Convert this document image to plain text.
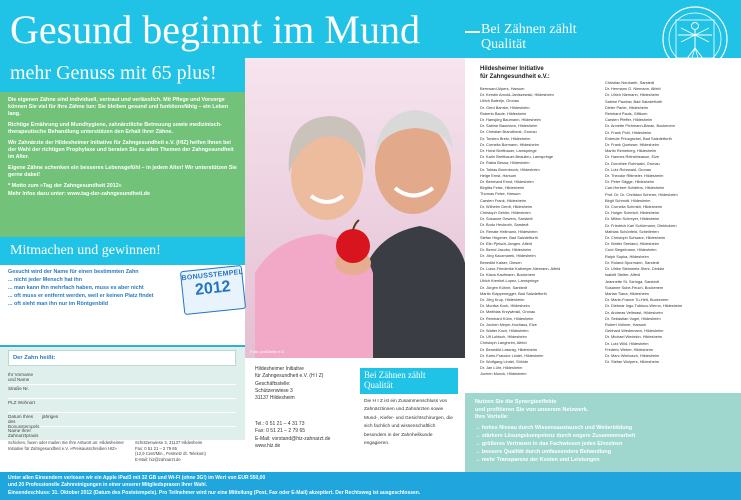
Gesund beginnt im Mund	Bei Zähnen zählt
Qualität
mehr Genuss mit 65 plus!

Die eigenen Zähne sind individuell, vertraut und verlässlich. Mit Pflege und Vorsorge können Sie viel für Ihre Zähne tun: Sie bleiben gesund und funktionsfähig – ein Leben lang.

Richtige Ernährung und Mundhygiene, zahnärztliche Betreuung sowie medizinisch-therapeutische Behandlung unterstützen den Erhalt Ihrer Zähne.

Wir Zahnärzte der Hildesheimer Initiative für Zahngesundheit e.V. (HIZ) helfen Ihnen bei der Wahl der richtigen Prophylaxe und beraten Sie zu allen Themen der Zahngesundheit im Alter.

Eigene Zähne schenken ein besseres Lebensgefühl – in jedem Alter! Wir unterstützen Sie gerne dabei!

* Motto zum »Tag der Zahngesundheit 2012«

Mehr Infos dazu unter: www.tag-der-zahngesundheit.de

Foto: proDente e.V.
Mitmachen und gewinnen!
Gesucht wird der Name für einen bestimmten Zahn
... nicht jeder Mensch hat ihn
... man kann ihn mehrfach haben, muss es aber nicht
... oft muss er entfernt werden, weil er keinen Platz findet
... oft sieht man ihn nur im Röntgenbild
BONUSSTEMPEL
2012
Der Zahn heißt:
Ihr Vorname und Name
Straße Nr.
PLZ Wohnort
Datum Ihres des Bonusstempels
jährigen
Name Ihrer Zahnarztpraxis
Schicken, faxen oder mailen Sie Ihre Antwort an: Hildesheimer Initiative für Zahngesundheit e.V. »Preisausschreiben HIZ«
Schützenwiese 3, 31137 Hildesheim
Fax: 0 51 21 – 2 79 65
(12,9 Cent/Min., Festnetz dt. Telekom)
E-Mail: hiz@zahnarzt.de
Hildesheimer Initiative
für Zahngesundheit e.V. (H I Z)
Geschäftsstelle:
Schützenwiese 3
31137 Hildesheim
Tel.: 0 51 21 – 4 31 73
Fax: 0 51 21 – 2 79 65
E-Mail: vorstand@hiz-zahnarzt.de
www.hiz.de
Bei Zähnen zählt
Qualität
Die H I Z ist ein Zusammenschluss von Zahnärztinnen und Zahnärzten sowie Mund-, Kiefer- und Gesichtschirurgen, die sich fachlich und wissenschaftlich besonders in der Zahnheilkunde engagieren.
Hildesheimer Initiative
für Zahngesundheit e.V.:
Bernward Alpers, Harsum
Dr. Kerstin Arnold-Janiszewski, Hildesheim
Ulrich Balerijn, Gronau
Dr. Gerd Bahrke, Hildesheim
Roberto Baule, Hildesheim
Dr. Hansjörg Baumann, Hildesheim
Dr. Sabine Baumann, Hildesheim
Dr. Christian Brandhorst, Gronau
Dr. Torsten Bretz, Hildesheim
Dr. Cornelia Bormann, Hildesheim
Dr. Horst Breitbauer, Lamspringe
Dr. Karin Breitbauer-Beaulieu, Lamspringe
Dr. Rabia Bessa, Hildesheim
Dr. Tobias Borenbrock, Hildesheim
Helge Ernst, Harsum
Dr. Bernhard Ernst, Hildesheim
Birgitta Feise, Hildesheim
Thomas Feise, Harsum
Carsten Frank, Hildesheim
Dr. Wilhelm Gerdt, Hildesheim
Christoph Gehler, Hildesheim
Dr. Susanne Gewers, Sarstedt
Dr. Bodo Heckroth, Sarstedt
Dr. Renate Hellmann, Hildesheim
Stefan Hügener, Bad Salzdetfurth
Dr. Elin Pjelsch-Jangen, Alfeld
Dr. Bernd Jacobs, Hildesheim
Dr. Jörg Kaczmarek, Hildesheim
Benedikt Kaiser, Giesen
Dr. Luise-Friederike Kalbreyer-Niemann, Alfeld
Dr. Klaus Kaufmann, Bockenem
Ulrich Krenkel-Lopez, Lamspringe
Dr. Jürgen Kühne, Sarstedt
Martin Klappenegger, Bad Salzdetfurth
Dr. Jörg Krop, Hildesheim
Dr. Monika Kock, Hildesheim
Dr. Matthias Krzywinski, Gronau
Dr. Reinhard Kühn, Hildesheim
Dr. Jochen Meyer-Hoxhaus, Elze
Dr. Walter Koch, Hildesheim
Dr. Ulf Lubisch, Hildesheim
Christoph Langheim, Alfeld
Dr. Benedikt Lassnig, Hildesheim
Dr. Karin-Fraucke Lindel, Hildesheim
Dr. Wolfgang Lindel, Söhlde
Dr. Jan Lühr, Hildesheim
Jochen Munck, Hildesheim
Christian Neubarth, Sarstedt
Dr. Hermann G. Niemann, Alfeld
Dr. Ulrich Niemann, Hildesheim
Sabine Pawlow, Bad Salzdetfurth
Dieter Parler, Hildesheim
Reinhard Pauls, Giftkorn
Carsten Pfeffer, Hildesheim
Dr. Annette Pichmann-Baran, Bockenem
Dr. Frank Pohl, Hildesheim
Erdmute Prinzgschel, Bad Salzdetfurth
Dr. Frank Queisser, Hildesheim
Martin Reineberg, Hildesheim
Dr. Hannes Reinstheason, Elze
Dr. Dorothee Rohrwald, Gronau
Dr. Lutz Rohrwald, Gronau
Dr. Theodor Rittmeier, Hildesheim
Dr. Peter Sägge, Hildesheim
Carl-Herbert Schäfers, Hildesheim
Prof. Dr. Dr. Christian Scherer, Hildesheim
Birgit Schmidt, Hildesheim
Dr. Cornelia Schmidt, Hildesheim
Dr. Holger Schmidt, Hildesheim
Dr. Milton Schreyer, Hildesheim
Dr. Friedrich Karl Schürmann, Diekholzen
Mathias Schönfeld, Schellerten
Dr. Christoph Schwarz, Hildesheim
Dr. Walter Seeland, Hildesheim
Cord Siegelmann, Hildesheim
Ralph Sopka, Hildesheim
Dr. Roland Spurmann, Sarstedt
Dr. Ulrike Steinmetz-Sterz, Dinklar
Isabell Stelter, Alfeld
Jeannette St. Szringa, Sarstedt
Susanne Sube-Feuch, Bockenem
Marian Tiana, Hildesheim
Dr. Marie-France Tu-Heit, Bockenem
Dr. Dietmar Ingo-Tubisco-Werno, Hildesheim
Dr. Andreas Veltmast, Hildesheim
Dr. Sebastian Vogel, Hildesheim
Robert Vollmer, Harsum
Gebhard Wiedemann, Hildesheim
Dr. Michael Wedekin, Hildesheim
Dr. Lutz Wild, Hildesheim
Frédéric Weber, Hildesheim
Dr. Marc Wiebusch, Hildesheim
Dr. Stefan Wolpers, Hildesheim
Nutzen Sie die Synergieeffekte
und profitieren Sie von unserem Netzwerk.
Ihre Vorteile:
→ hohes Niveau durch Wissensaustausch und Weiterbildung
→ stärkere Lösungskompetenz durch engere Zusammenarbeit
→ größeres Vertrauen in das Fachwissen jedes Einzelnen
→ bessere Qualität durch umfassendere Behandlung
→ mehr Transparenz der Kosten und Leistungen

Unter allen Einsendern verlosen wir ein Apple iPad3 mit 32 GB und Wi-Fi (ohne 3G!) im Wert von EUR 550,00

und 20 Professionelle Zahnreinigungen in einer unserer Mitgliedspraxen Ihrer Wahl.

Einsendeschluss: 31. Oktober 2012 (Datum des Poststempels). Pro Teilnehmer wird nur eine Mitteilung (Post, Fax oder E-Mail) akzeptiert. Der Rechtsweg ist ausgeschlossen.
